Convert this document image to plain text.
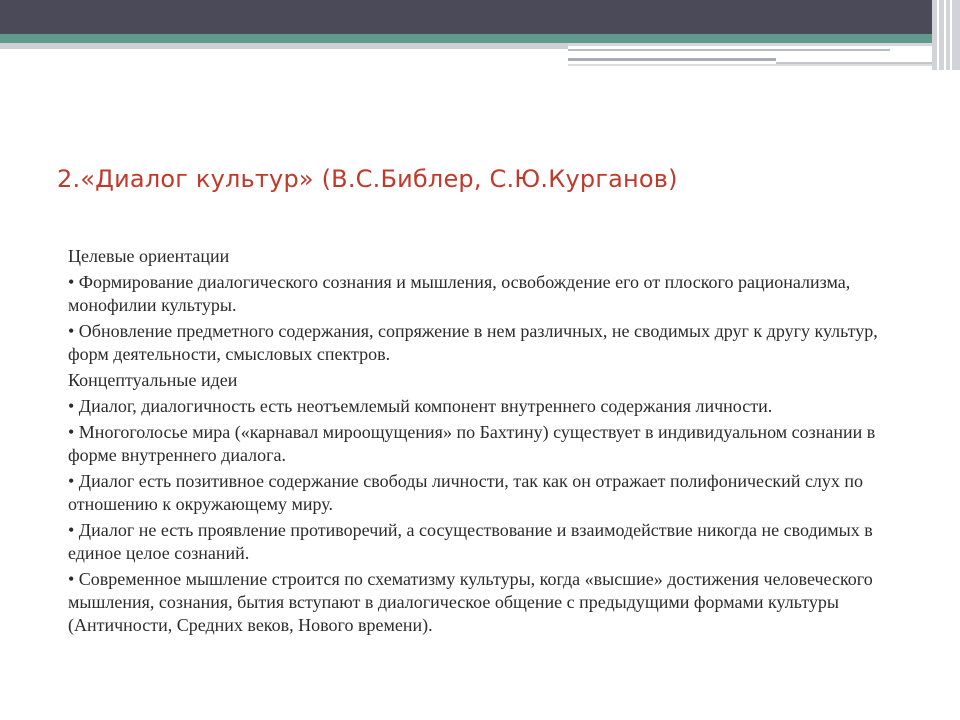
2.«Диалог культур» (В.С.Библер, С.Ю.Курганов)

Целевые ориентации

• Формирование диалогического сознания и мышления, освобождение его от плоского рационализма, монофилии культуры.

• Обновление предметного содержания, сопряжение в нем различных, не сводимых друг к другу культур, форм деятельности, смысловых спектров.

Концептуальные идеи

• Диалог, диалогичность есть неотъемлемый компонент внутреннего содержания личности.

• Многоголосье мира («карнавал мироощущения» по Бахтину) существует в индивидуальном сознании в форме внутреннего диалога.

• Диалог есть позитивное содержание свободы личности, так как он отражает полифонический слух по отношению к окружающему миру.

• Диалог не есть проявление противоречий, а сосуществование и взаимодействие никогда не сводимых в единое целое сознаний.

• Современное мышление строится по схематизму культуры, когда «высшие» достижения человеческого мышления, сознания, бытия вступают в диалогическое общение с предыдущими формами культуры (Античности, Средних веков, Нового времени).
